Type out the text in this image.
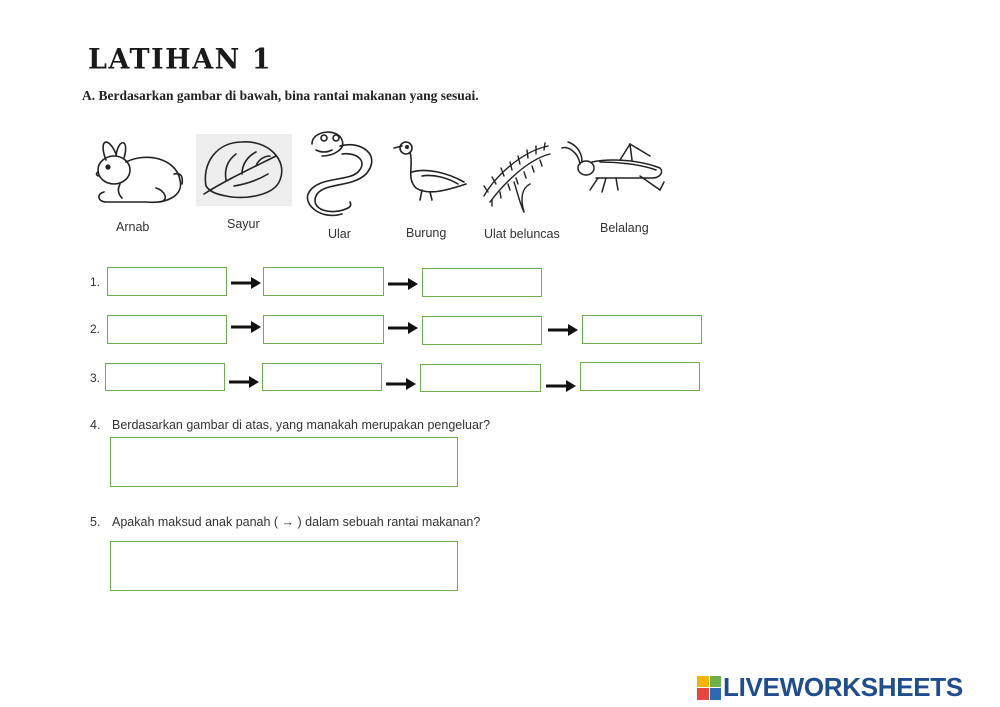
LATIHAN 1
A. Berdasarkan gambar di bawah, bina rantai makanan yang sesuai.
Arnab	Sayur
Ular	Burung	Ulat beluncas	Belalang
1.
2.
3.
4. Berdasarkan gambar di atas, yang manakah merupakan pengeluar?
5. Apakah maksud anak panah ( → ) dalam sebuah rantai makanan?
LIVEWORKSHEETS
